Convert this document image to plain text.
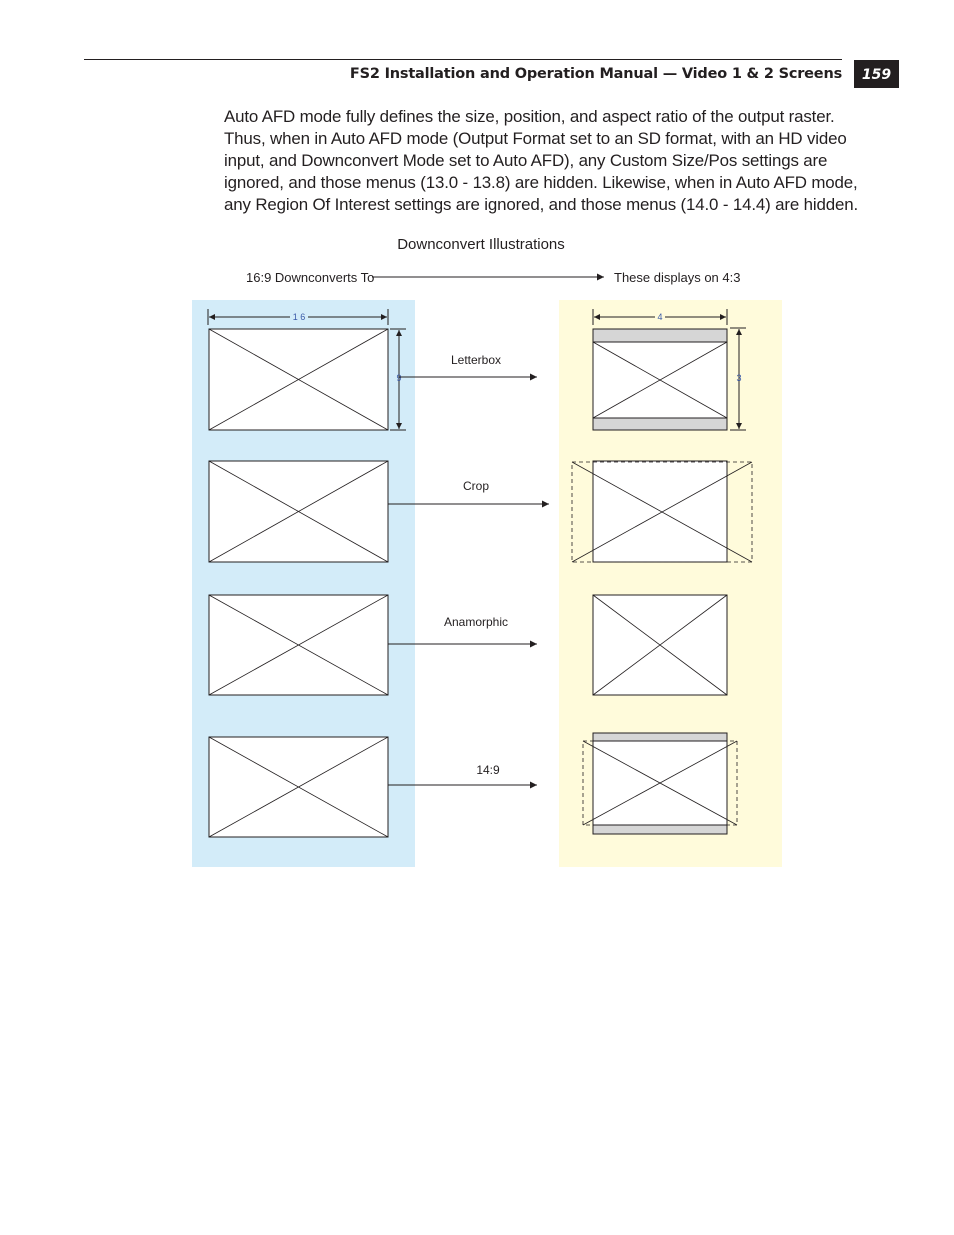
FS2 Installation and Operation Manual — Video 1 & 2 Screens	159

Auto AFD mode fully defines the size, position, and aspect ratio of the output raster. Thus, when in Auto AFD mode (Output Format set to an SD format, with an HD video input, and Downconvert Mode set to Auto AFD), any Custom Size/Pos settings are ignored, and those menus (13.0 - 13.8) are hidden. Likewise, when in Auto AFD mode, any Region Of Interest settings are ignored, and those menus (14.0 - 14.4) are hidden.

Downconvert Illustrations
16:9 Downconverts To	These displays on 4:3
1 6
9
4
3
Letterbox
Crop
Anamorphic
14:9
